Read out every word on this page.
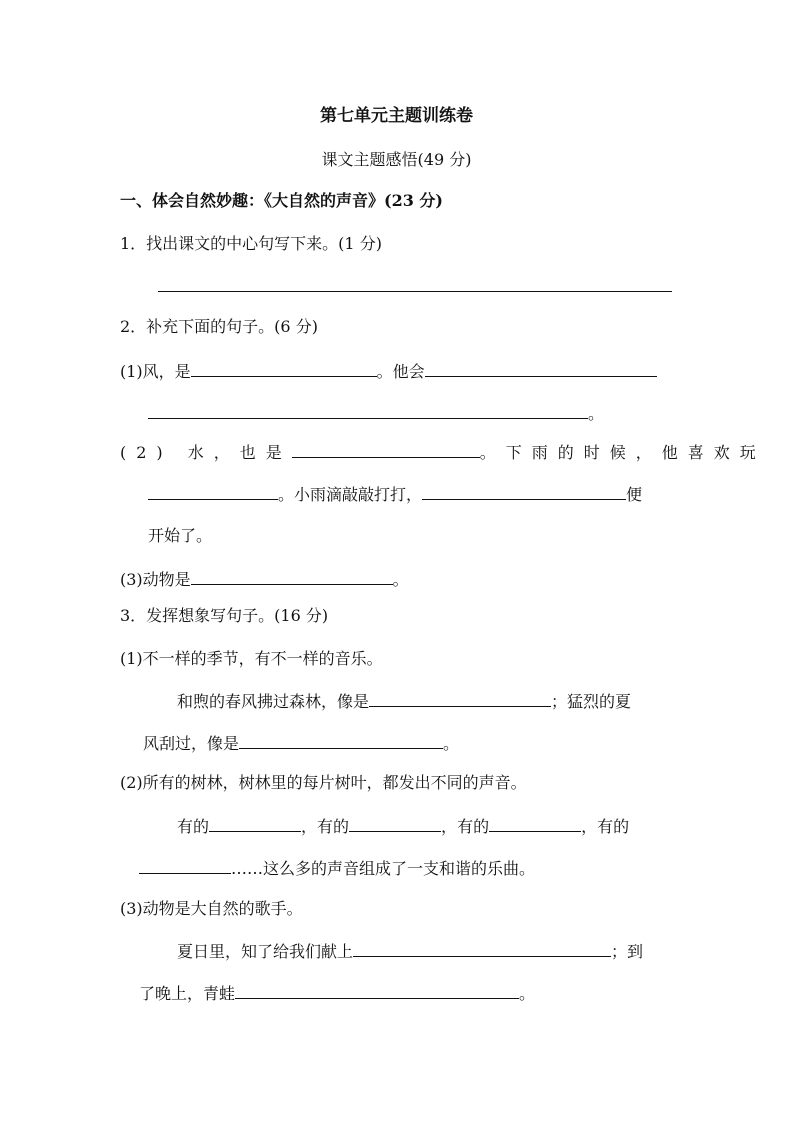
第七单元主题训练卷
课文主题感悟(49 分)
一、体会自然妙趣：《大自然的声音》(23 分)
1．找出课文的中心句写下来。(1 分)
2．补充下面的句子。(6 分)
(1)风，是	。他会
。
(2) 水，也是	。下雨的时候，他喜欢玩
。小雨滴敲敲打打，	便
开始了。
(3)动物是	。
3．发挥想象写句子。(16 分)
(1)不一样的季节，有不一样的音乐。
和煦的春风拂过森林，像是	；猛烈的夏
风刮过，像是	。
(2)所有的树林，树林里的每片树叶，都发出不同的声音。
有的	，有的	，有的	，有的
……这么多的声音组成了一支和谐的乐曲。
(3)动物是大自然的歌手。
夏日里，知了给我们献上	；到
了晚上，青蛙	。
